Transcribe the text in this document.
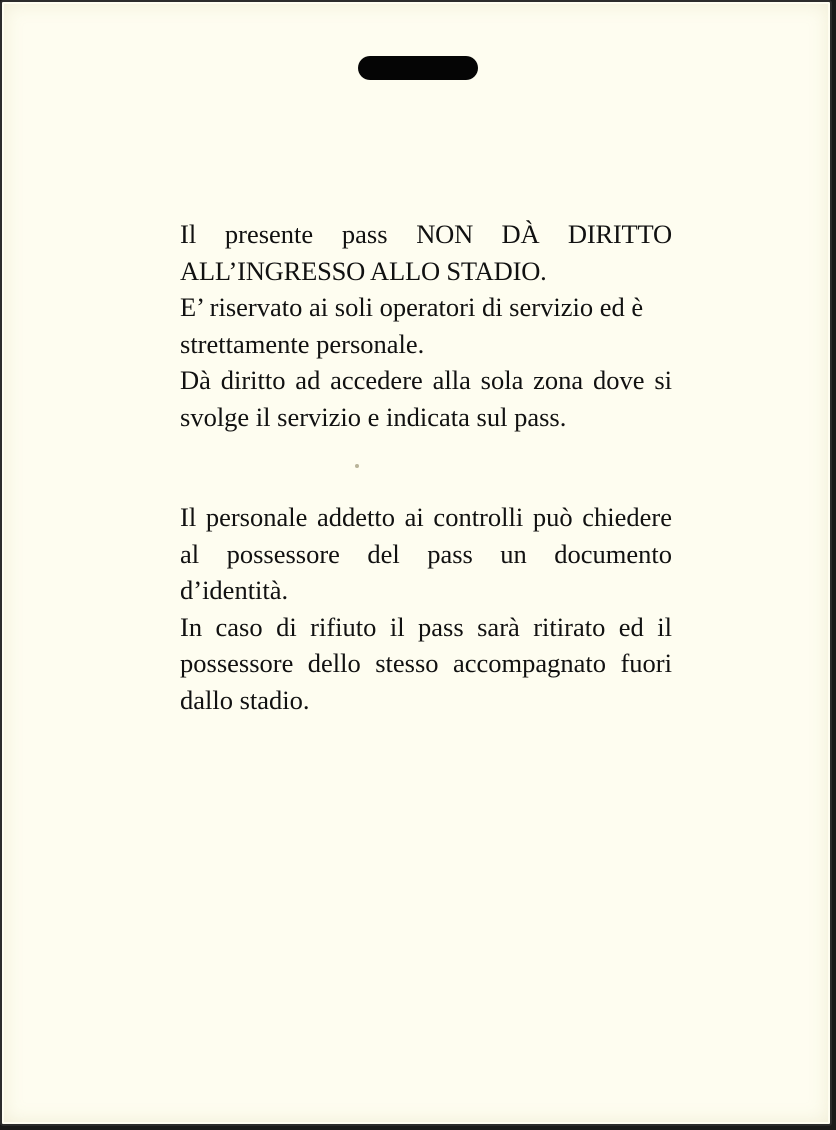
Il presente pass NON DÀ DIRITTO ALL’INGRESSO ALLO STADIO.

E’ riservato ai soli operatori di servizio ed è strettamente personale.

Dà diritto ad accedere alla sola zona dove si svolge il servizio e indicata sul pass.

Il personale addetto ai controlli può chiedere al possessore del pass un documento d’identità.

In caso di rifiuto il pass sarà ritirato ed il possessore dello stesso accompagnato fuori dallo stadio.
